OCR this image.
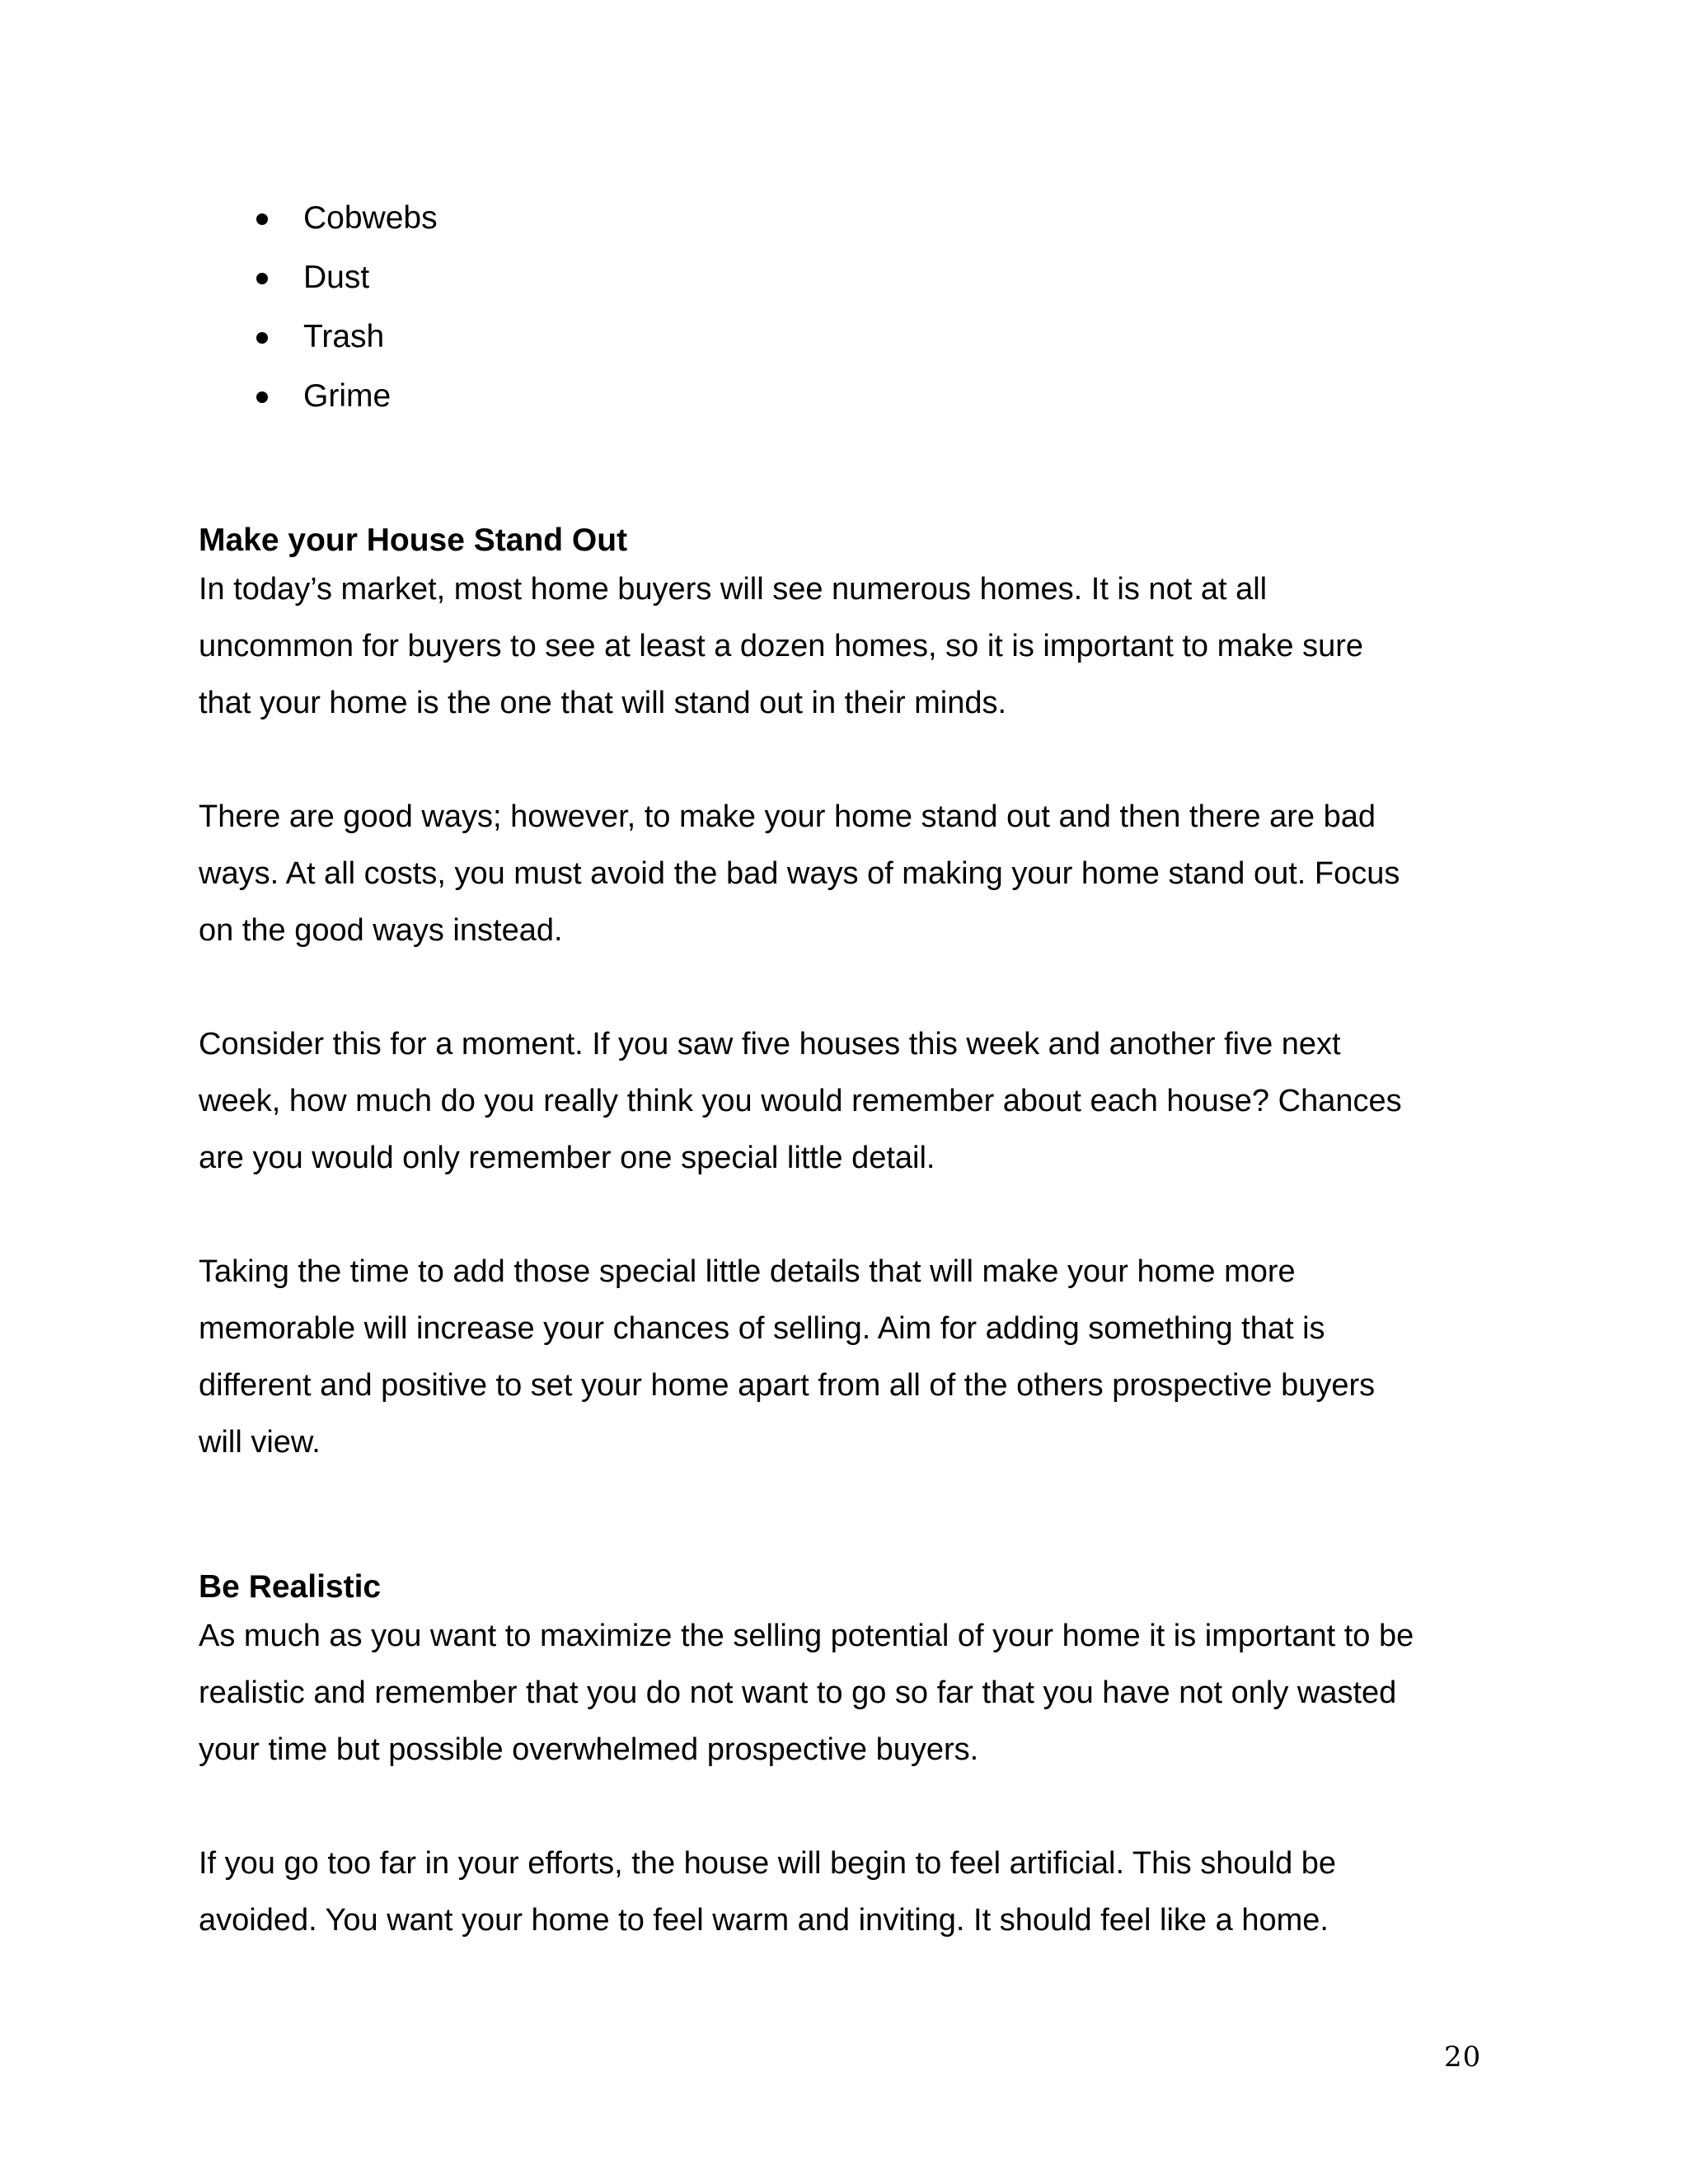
Cobwebs
Dust
Trash
Grime
Make your House Stand Out

In today’s market, most home buyers will see numerous homes. It is not at all
uncommon for buyers to see at least a dozen homes, so it is important to make sure
that your home is the one that will stand out in their minds.

There are good ways; however, to make your home stand out and then there are bad
ways. At all costs, you must avoid the bad ways of making your home stand out. Focus
on the good ways instead.

Consider this for a moment. If you saw five houses this week and another five next
week, how much do you really think you would remember about each house? Chances
are you would only remember one special little detail.

Taking the time to add those special little details that will make your home more
memorable will increase your chances of selling. Aim for adding something that is
different and positive to set your home apart from all of the others prospective buyers
will view.

Be Realistic

As much as you want to maximize the selling potential of your home it is important to be
realistic and remember that you do not want to go so far that you have not only wasted
your time but possible overwhelmed prospective buyers.

If you go too far in your efforts, the house will begin to feel artificial. This should be
avoided. You want your home to feel warm and inviting. It should feel like a home.

20
